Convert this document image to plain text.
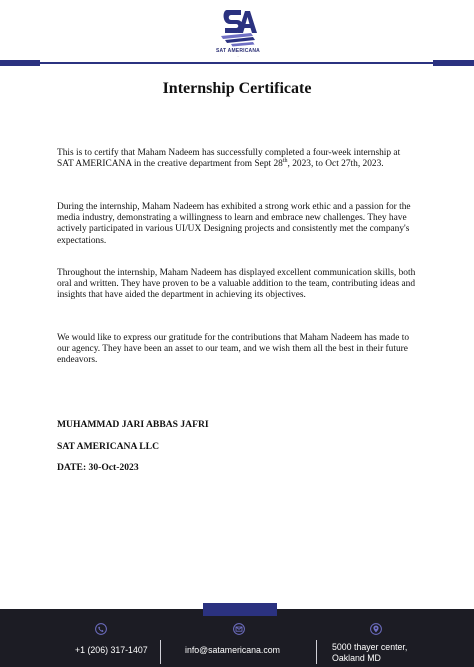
SAT AMERICANA
...
Internship Certificate

This is to certify that Maham Nadeem has successfully completed a four-week internship at SAT AMERICANA in the creative department from Sept 28th, 2023, to Oct 27th, 2023.

During the internship, Maham Nadeem has exhibited a strong work ethic and a passion for the media industry, demonstrating a willingness to learn and embrace new challenges. They have actively participated in various UI/UX Designing projects and consistently met the company's expectations.

Throughout the internship, Maham Nadeem has displayed excellent communication skills, both oral and written. They have proven to be a valuable addition to the team, contributing ideas and insights that have aided the department in achieving its objectives.

We would like to express our gratitude for the contributions that Maham Nadeem has made to our agency. They have been an asset to our team, and we wish them all the best in their future endeavors.

MUHAMMAD JARI ABBAS JAFRI
SAT AMERICANA LLC
DATE: 30-Oct-2023
+1 (206) 317-1407	info@satamericana.com	5000 thayer center,
Oakland MD
